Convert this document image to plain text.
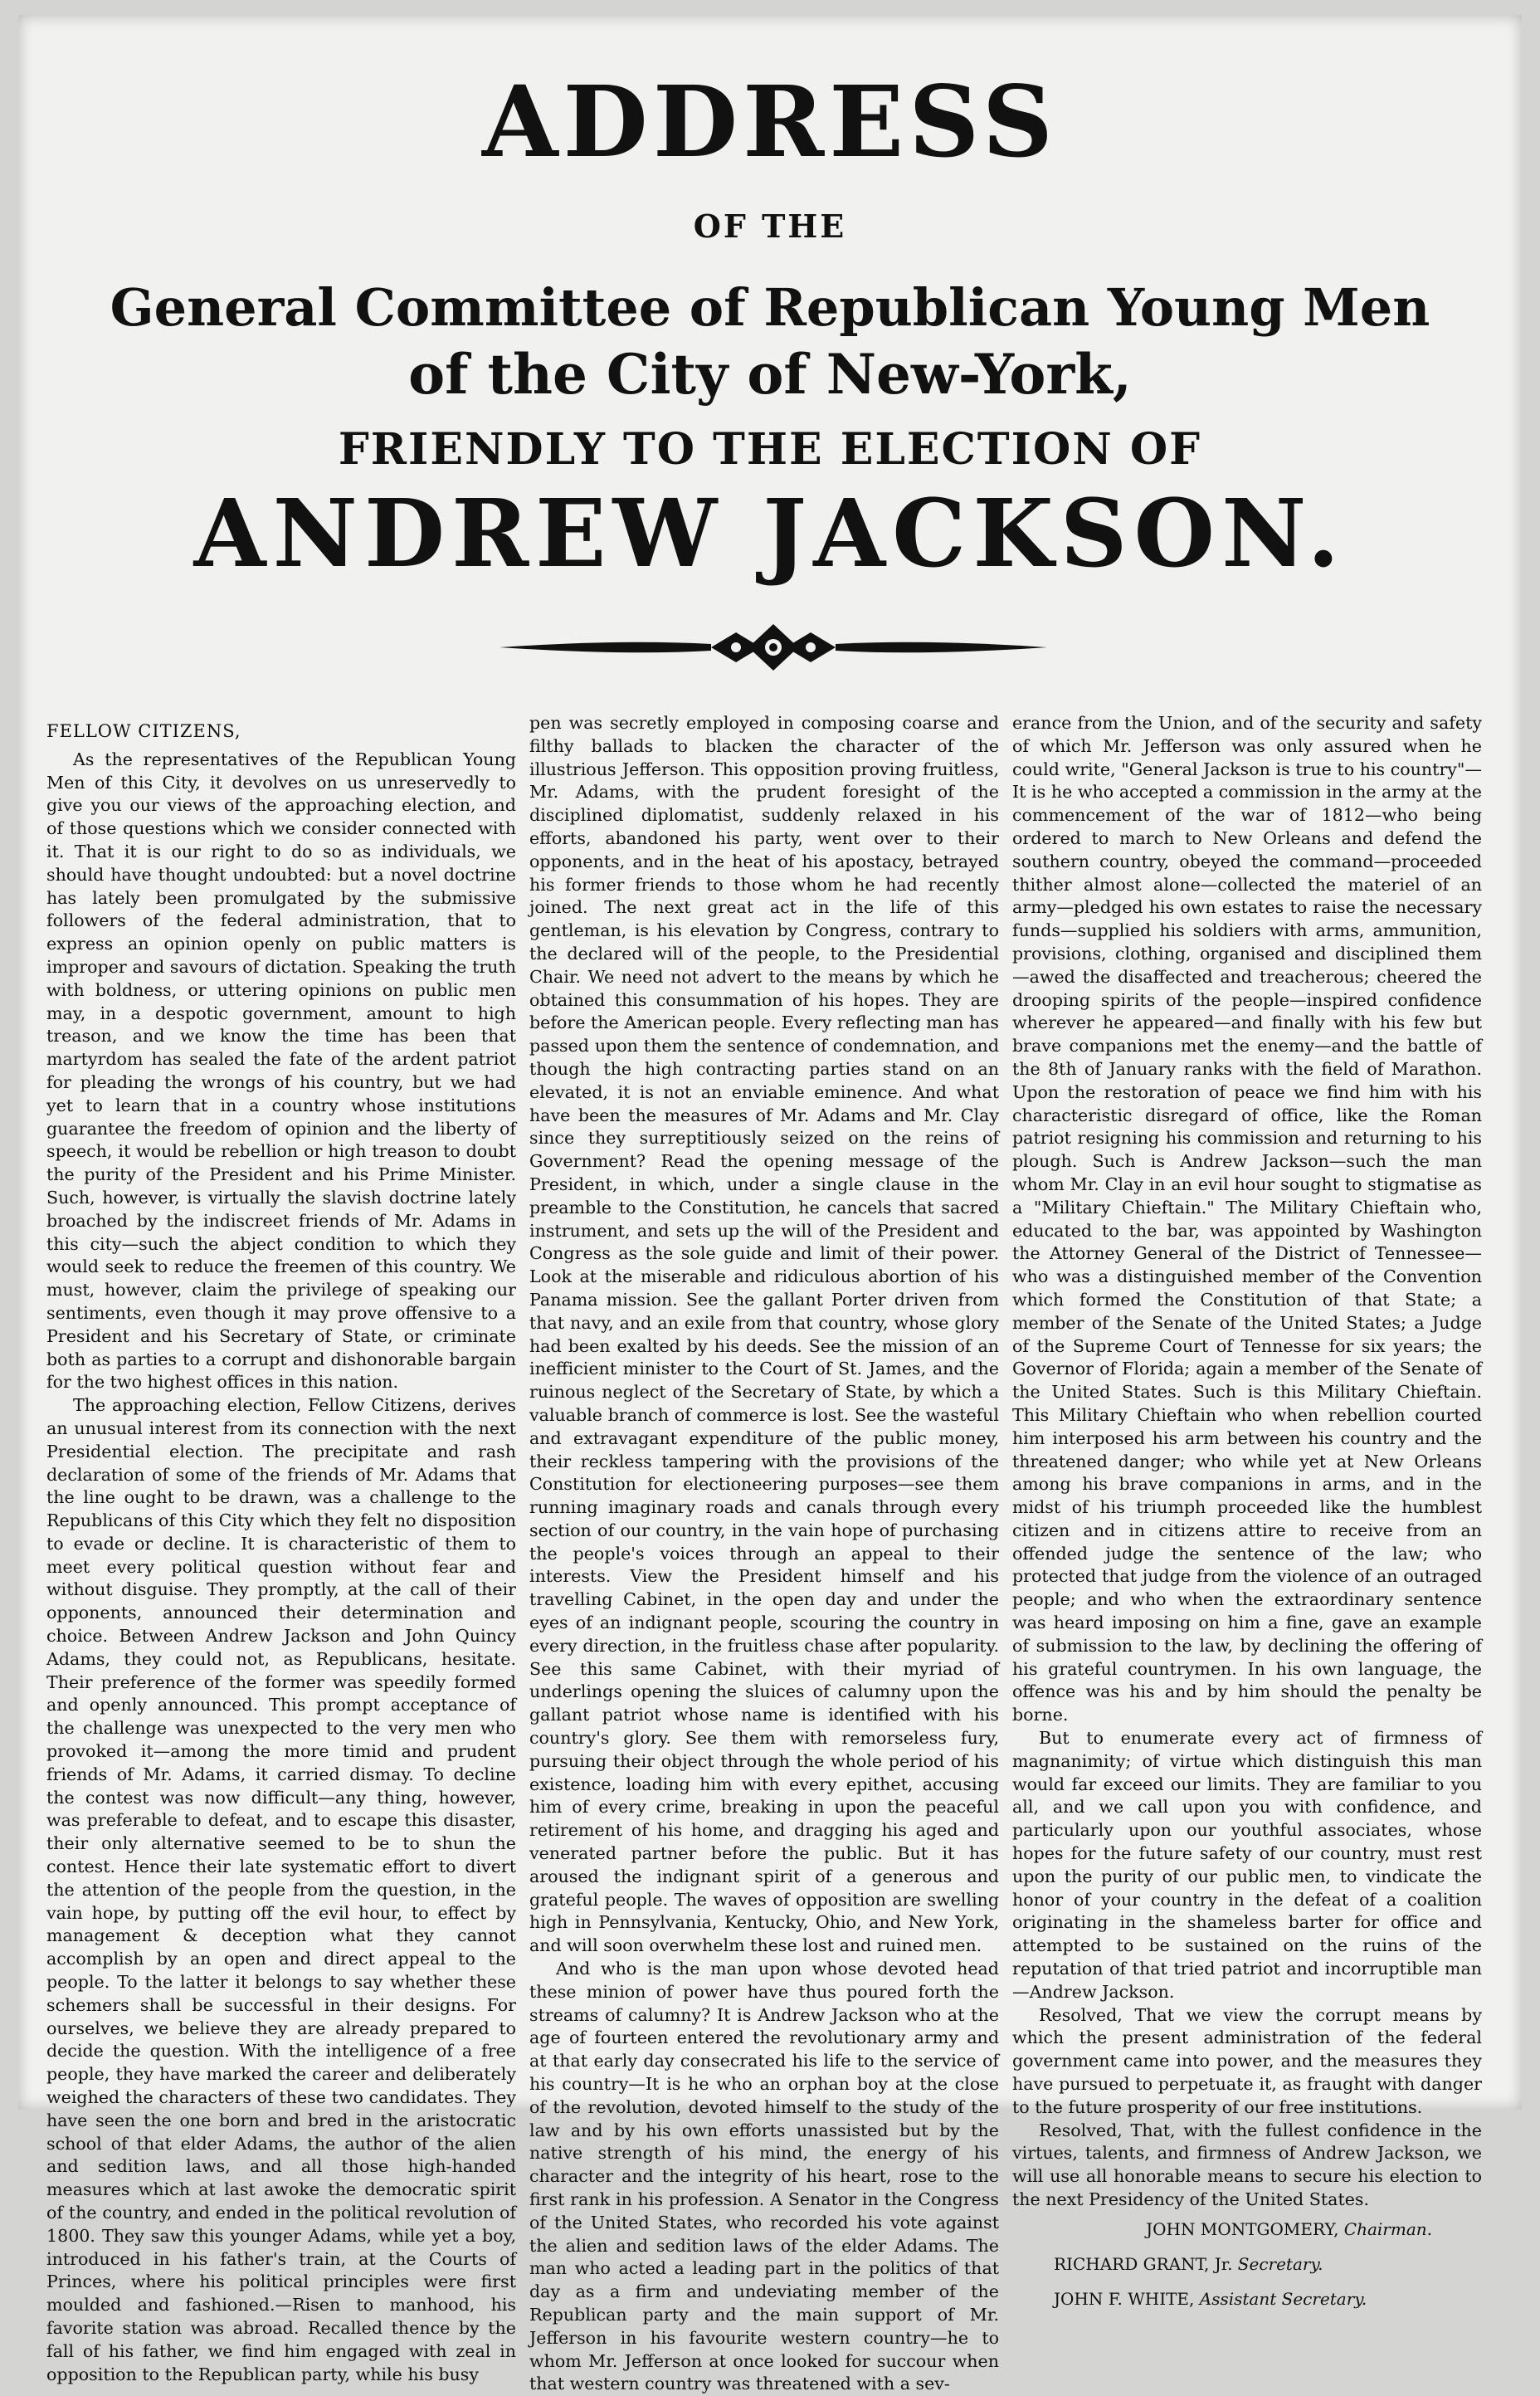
ADDRESS
OF THE
General Committee of Republican Young Men
of the City of New-York,
FRIENDLY TO THE ELECTION OF
ANDREW JACKSON.
FELLOW CITIZENS,

As the representatives of the Republican Young Men of this City, it devolves on us unreservedly to give you our views of the approaching election, and of those questions which we consider connected with it. That it is our right to do so as individuals, we should have thought undoubted: but a novel doctrine has lately been promulgated by the submissive followers of the federal administration, that to express an opinion openly on public matters is improper and savours of dictation. Speaking the truth with boldness, or uttering opinions on public men may, in a despotic government, amount to high treason, and we know the time has been that martyrdom has sealed the fate of the ardent patriot for pleading the wrongs of his country, but we had yet to learn that in a country whose institutions guarantee the freedom of opinion and the liberty of speech, it would be rebellion or high treason to doubt the purity of the President and his Prime Minister. Such, however, is virtually the slavish doctrine lately broached by the indiscreet friends of Mr. Adams in this city—such the abject condition to which they would seek to reduce the freemen of this country. We must, however, claim the privilege of speaking our sentiments, even though it may prove offensive to a President and his Secretary of State, or criminate both as parties to a corrupt and dishonorable bargain for the two highest offices in this nation.

The approaching election, Fellow Citizens, derives an unusual interest from its connection with the next Presidential election. The precipitate and rash declaration of some of the friends of Mr. Adams that the line ought to be drawn, was a challenge to the Republicans of this City which they felt no disposition to evade or decline. It is characteristic of them to meet every political question without fear and without disguise. They promptly, at the call of their opponents, announced their determination and choice. Between Andrew Jackson and John Quincy Adams, they could not, as Republicans, hesitate. Their preference of the former was speedily formed and openly announced. This prompt acceptance of the challenge was unexpected to the very men who provoked it—among the more timid and prudent friends of Mr. Adams, it carried dismay. To decline the contest was now difficult—any thing, however, was preferable to defeat, and to escape this disaster, their only alternative seemed to be to shun the contest. Hence their late systematic effort to divert the attention of the people from the question, in the vain hope, by putting off the evil hour, to effect by management & deception what they cannot accomplish by an open and direct appeal to the people. To the latter it belongs to say whether these schemers shall be successful in their designs. For ourselves, we believe they are already prepared to decide the question. With the intelligence of a free people, they have marked the career and deliberately weighed the characters of these two candidates. They have seen the one born and bred in the aristocratic school of that elder Adams, the author of the alien and sedition laws, and all those high-handed measures which at last awoke the democratic spirit of the country, and ended in the political revolution of 1800. They saw this younger Adams, while yet a boy, introduced in his father's train, at the Courts of Princes, where his political principles were first moulded and fashioned.—Risen to manhood, his favorite station was abroad. Recalled thence by the fall of his father, we find him engaged with zeal in opposition to the Republican party, while his busy

pen was secretly employed in composing coarse and filthy ballads to blacken the character of the illustrious Jefferson. This opposition proving fruitless, Mr. Adams, with the prudent foresight of the disciplined diplomatist, suddenly relaxed in his efforts, abandoned his party, went over to their opponents, and in the heat of his apostacy, betrayed his former friends to those whom he had recently joined. The next great act in the life of this gentleman, is his elevation by Congress, contrary to the declared will of the people, to the Presidential Chair. We need not advert to the means by which he obtained this consummation of his hopes. They are before the American people. Every reflecting man has passed upon them the sentence of condemnation, and though the high contracting parties stand on an elevated, it is not an enviable eminence. And what have been the measures of Mr. Adams and Mr. Clay since they surreptitiously seized on the reins of Government? Read the opening message of the President, in which, under a single clause in the preamble to the Constitution, he cancels that sacred instrument, and sets up the will of the President and Congress as the sole guide and limit of their power. Look at the miserable and ridiculous abortion of his Panama mission. See the gallant Porter driven from that navy, and an exile from that country, whose glory had been exalted by his deeds. See the mission of an inefficient minister to the Court of St. James, and the ruinous neglect of the Secretary of State, by which a valuable branch of commerce is lost. See the wasteful and extravagant expenditure of the public money, their reckless tampering with the provisions of the Constitution for electioneering purposes—see them running imaginary roads and canals through every section of our country, in the vain hope of purchasing the people's voices through an appeal to their interests. View the President himself and his travelling Cabinet, in the open day and under the eyes of an indignant people, scouring the country in every direction, in the fruitless chase after popularity. See this same Cabinet, with their myriad of underlings opening the sluices of calumny upon the gallant patriot whose name is identified with his country's glory. See them with remorseless fury, pursuing their object through the whole period of his existence, loading him with every epithet, accusing him of every crime, breaking in upon the peaceful retirement of his home, and dragging his aged and venerated partner before the public. But it has aroused the indignant spirit of a generous and grateful people. The waves of opposition are swelling high in Pennsylvania, Kentucky, Ohio, and New York, and will soon overwhelm these lost and ruined men.

And who is the man upon whose devoted head these minion of power have thus poured forth the streams of calumny? It is Andrew Jackson who at the age of fourteen entered the revolutionary army and at that early day consecrated his life to the service of his country—It is he who an orphan boy at the close of the revolution, devoted himself to the study of the law and by his own efforts unassisted but by the native strength of his mind, the energy of his character and the integrity of his heart, rose to the first rank in his profession. A Senator in the Congress of the United States, who recorded his vote against the alien and sedition laws of the elder Adams. The man who acted a leading part in the politics of that day as a firm and undeviating member of the Republican party and the main support of Mr. Jefferson in his favourite western country—he to whom Mr. Jefferson at once looked for succour when that western country was threatened with a sev-

erance from the Union, and of the security and safety of which Mr. Jefferson was only assured when he could write, "General Jackson is true to his country"—It is he who accepted a commission in the army at the commencement of the war of 1812—who being ordered to march to New Orleans and defend the southern country, obeyed the command—proceeded thither almost alone—collected the materiel of an army—pledged his own estates to raise the necessary funds—supplied his soldiers with arms, ammunition, provisions, clothing, organised and disciplined them—awed the disaffected and treacherous; cheered the drooping spirits of the people—inspired confidence wherever he appeared—and finally with his few but brave companions met the enemy—and the battle of the 8th of January ranks with the field of Marathon. Upon the restoration of peace we find him with his characteristic disregard of office, like the Roman patriot resigning his commission and returning to his plough. Such is Andrew Jackson—such the man whom Mr. Clay in an evil hour sought to stigmatise as a "Military Chieftain." The Military Chieftain who, educated to the bar, was appointed by Washington the Attorney General of the District of Tennessee—who was a distinguished member of the Convention which formed the Constitution of that State; a member of the Senate of the United States; a Judge of the Supreme Court of Tennesse for six years; the Governor of Florida; again a member of the Senate of the United States. Such is this Military Chieftain. This Military Chieftain who when rebellion courted him interposed his arm between his country and the threatened danger; who while yet at New Orleans among his brave companions in arms, and in the midst of his triumph proceeded like the humblest citizen and in citizens attire to receive from an offended judge the sentence of the law; who protected that judge from the violence of an outraged people; and who when the extraordinary sentence was heard imposing on him a fine, gave an example of submission to the law, by declining the offering of his grateful countrymen. In his own language, the offence was his and by him should the penalty be borne.

But to enumerate every act of firmness of magnanimity; of virtue which distinguish this man would far exceed our limits. They are familiar to you all, and we call upon you with confidence, and particularly upon our youthful associates, whose hopes for the future safety of our country, must rest upon the purity of our public men, to vindicate the honor of your country in the defeat of a coalition originating in the shameless barter for office and attempted to be sustained on the ruins of the reputation of that tried patriot and incorruptible man—Andrew Jackson.

Resolved, That we view the corrupt means by which the present administration of the federal government came into power, and the measures they have pursued to perpetuate it, as fraught with danger to the future prosperity of our free institutions.

Resolved, That, with the fullest confidence in the virtues, talents, and firmness of Andrew Jackson, we will use all honorable means to secure his election to the next Presidency of the United States.

JOHN MONTGOMERY, Chairman.
RICHARD GRANT, Jr. Secretary.
JOHN F. WHITE, Assistant Secretary.
